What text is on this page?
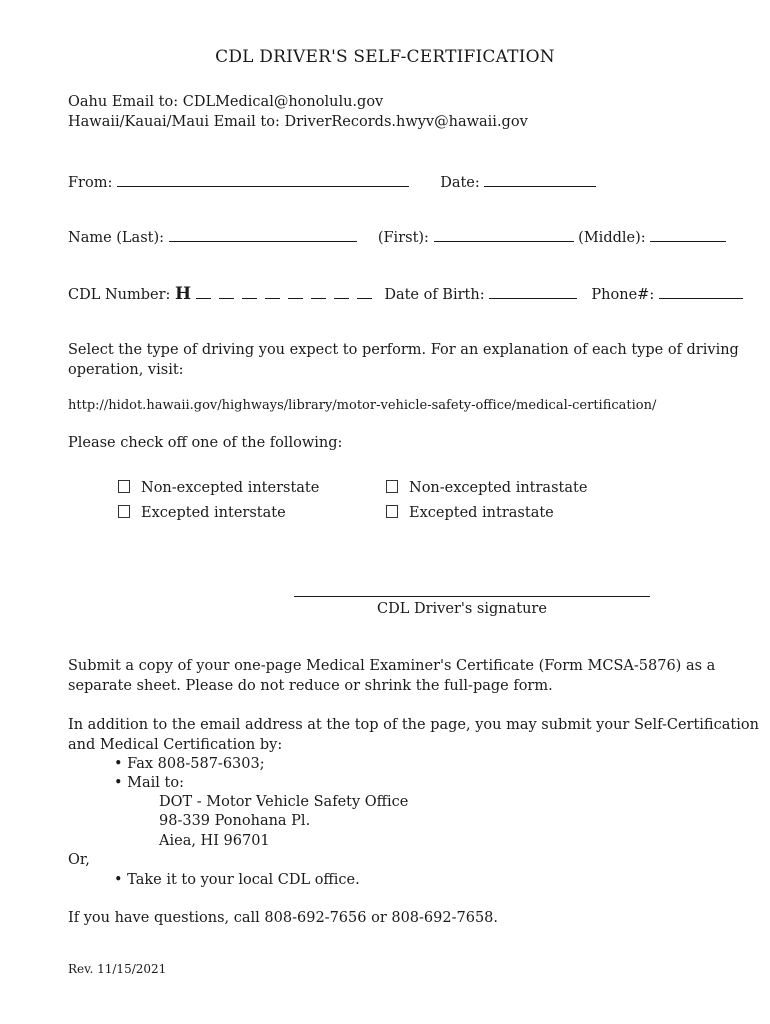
CDL DRIVER'S SELF-CERTIFICATION
Oahu Email to: CDLMedical@honolulu.gov
Hawaii/Kauai/Maui Email to: DriverRecords.hwyv@hawaii.gov
From:	Date:
Name (Last):	(First):	(Middle):
CDL Number: H	Date of Birth:	Phone#:
Select the type of driving you expect to perform. For an explanation of each type of driving
operation, visit:
http://hidot.hawaii.gov/highways/library/motor-vehicle-safety-office/medical-certification/
Please check off one of the following:
Non-excepted interstate	Non-excepted intrastate
Excepted interstate	Excepted intrastate
CDL Driver's signature
Submit a copy of your one-page Medical Examiner's Certificate (Form MCSA-5876) as a
separate sheet. Please do not reduce or shrink the full-page form.
In addition to the email address at the top of the page, you may submit your Self-Certification
and Medical Certification by:
• Fax 808-587-6303;
• Mail to:
DOT - Motor Vehicle Safety Office
98-339 Ponohana Pl.
Aiea, HI 96701
Or,
• Take it to your local CDL office.
If you have questions, call 808-692-7656 or 808-692-7658.
Rev. 11/15/2021
